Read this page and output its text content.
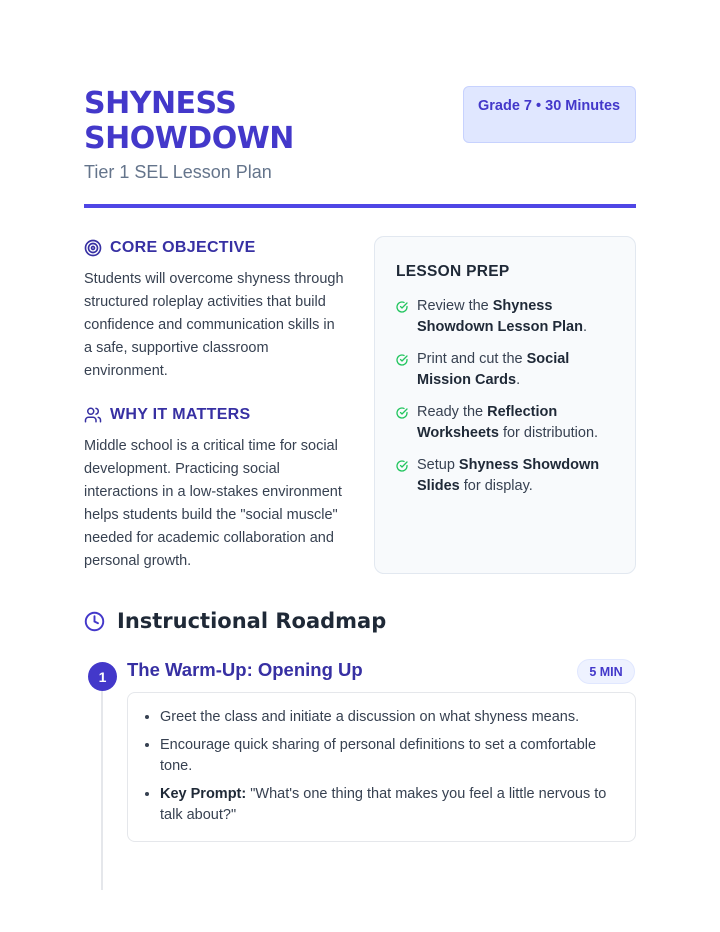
SHYNESS SHOWDOWN
Tier 1 SEL Lesson Plan
Grade 7 • 30 Minutes
CORE OBJECTIVE

Students will overcome shyness through structured roleplay activities that build confidence and communication skills in a safe, supportive classroom environment.

WHY IT MATTERS

Middle school is a critical time for social development. Practicing social interactions in a low-stakes environment helps students build the "social muscle" needed for academic collaboration and personal growth.

LESSON PREP
Review the Shyness Showdown Lesson Plan.
Print and cut the Social Mission Cards.
Ready the Reflection Worksheets for distribution.
Setup Shyness Showdown Slides for display.
Instructional Roadmap
1	The Warm-Up: Opening Up	5 MIN
• Greet the class and initiate a discussion on what shyness means.
• Encourage quick sharing of personal definitions to set a comfortable tone.
• Key Prompt: "What's one thing that makes you feel a little nervous to talk about?"
